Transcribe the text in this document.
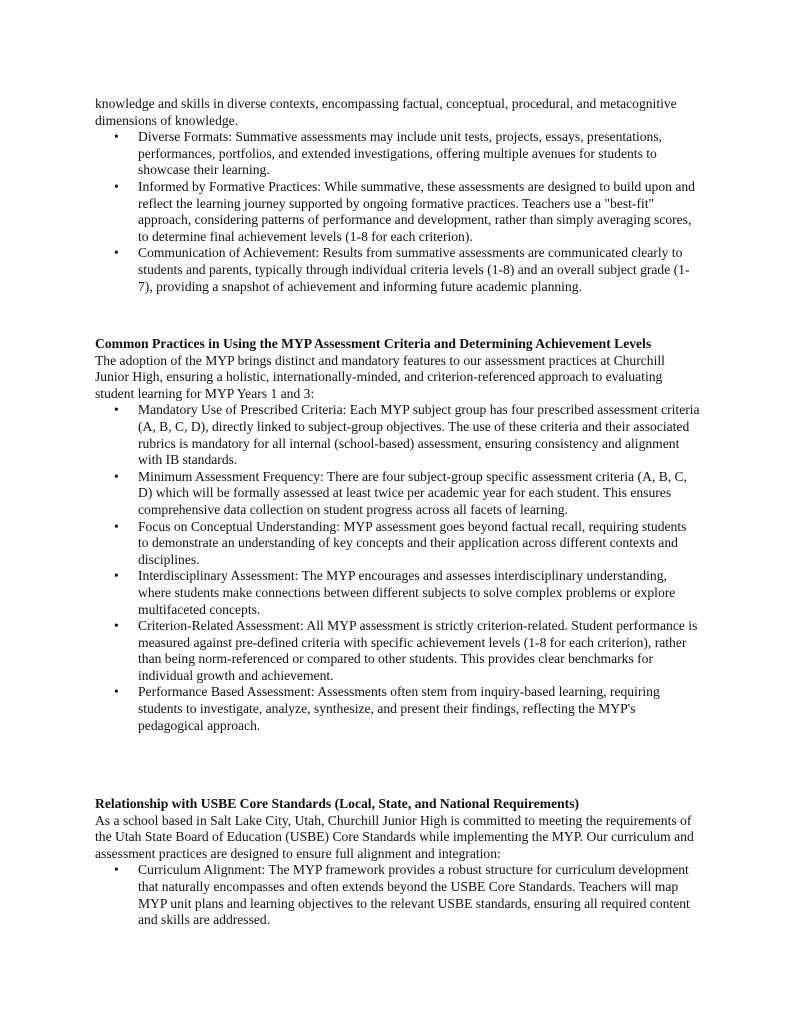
knowledge and skills in diverse contexts, encompassing factual, conceptual, procedural, and metacognitive dimensions of knowledge.

• Diverse Formats: Summative assessments may include unit tests, projects, essays, presentations, performances, portfolios, and extended investigations, offering multiple avenues for students to showcase their learning.
• Informed by Formative Practices: While summative, these assessments are designed to build upon and reflect the learning journey supported by ongoing formative practices. Teachers use a "best-fit" approach, considering patterns of performance and development, rather than simply averaging scores, to determine final achievement levels (1-8 for each criterion).
• Communication of Achievement: Results from summative assessments are communicated clearly to students and parents, typically through individual criteria levels (1-8) and an overall subject grade (1-7), providing a snapshot of achievement and informing future academic planning.

Common Practices in Using the MYP Assessment Criteria and Determining Achievement Levels

The adoption of the MYP brings distinct and mandatory features to our assessment practices at Churchill Junior High, ensuring a holistic, internationally-minded, and criterion-referenced approach to evaluating student learning for MYP Years 1 and 3:

• Mandatory Use of Prescribed Criteria: Each MYP subject group has four prescribed assessment criteria (A, B, C, D), directly linked to subject-group objectives. The use of these criteria and their associated rubrics is mandatory for all internal (school-based) assessment, ensuring consistency and alignment with IB standards.
• Minimum Assessment Frequency: There are four subject-group specific assessment criteria (A, B, C, D) which will be formally assessed at least twice per academic year for each student. This ensures comprehensive data collection on student progress across all facets of learning.
• Focus on Conceptual Understanding: MYP assessment goes beyond factual recall, requiring students to demonstrate an understanding of key concepts and their application across different contexts and disciplines.
• Interdisciplinary Assessment: The MYP encourages and assesses interdisciplinary understanding, where students make connections between different subjects to solve complex problems or explore multifaceted concepts.
• Criterion-Related Assessment: All MYP assessment is strictly criterion-related. Student performance is measured against pre-defined criteria with specific achievement levels (1-8 for each criterion), rather than being norm-referenced or compared to other students. This provides clear benchmarks for individual growth and achievement.
• Performance Based Assessment: Assessments often stem from inquiry-based learning, requiring students to investigate, analyze, synthesize, and present their findings, reflecting the MYP's pedagogical approach.

Relationship with USBE Core Standards (Local, State, and National Requirements)

As a school based in Salt Lake City, Utah, Churchill Junior High is committed to meeting the requirements of the Utah State Board of Education (USBE) Core Standards while implementing the MYP. Our curriculum and assessment practices are designed to ensure full alignment and integration:

• Curriculum Alignment: The MYP framework provides a robust structure for curriculum development that naturally encompasses and often extends beyond the USBE Core Standards. Teachers will map MYP unit plans and learning objectives to the relevant USBE standards, ensuring all required content and skills are addressed.
